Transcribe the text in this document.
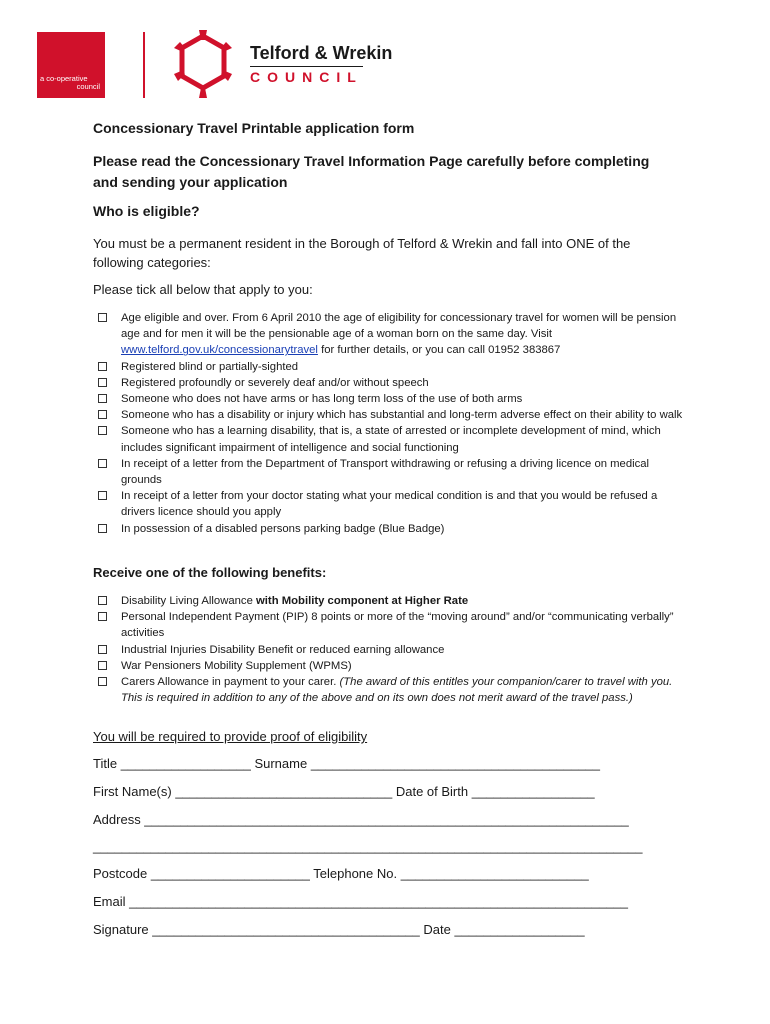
a co-operative
council
Telford & Wrekin
COUNCIL
Concessionary Travel Printable application form
Please read the Concessionary Travel Information Page carefully before completing and sending your application
Who is eligible?
You must be a permanent resident in the Borough of Telford & Wrekin and fall into ONE of the following categories:
Please tick all below that apply to you:
Age eligible and over. From 6 April 2010 the age of eligibility for concessionary travel for women will be pension age and for men it will be the pensionable age of a woman born on the same day. Visit www.telford.gov.uk/concessionarytravel for further details, or you can call 01952 383867
Registered blind or partially-sighted
Registered profoundly or severely deaf and/or without speech
Someone who does not have arms or has long term loss of the use of both arms
Someone who has a disability or injury which has substantial and long-term adverse effect on their ability to walk
Someone who has a learning disability, that is, a state of arrested or incomplete development of mind, which includes significant impairment of intelligence and social functioning
In receipt of a letter from the Department of Transport withdrawing or refusing a driving licence on medical grounds
In receipt of a letter from your doctor stating what your medical condition is and that you would be refused a drivers licence should you apply
In possession of a disabled persons parking badge (Blue Badge)
Receive one of the following benefits:
Disability Living Allowance with Mobility component at Higher Rate
Personal Independent Payment (PIP) 8 points or more of the “moving around” and/or “communicating verbally” activities
Industrial Injuries Disability Benefit or reduced earning allowance
War Pensioners Mobility Supplement (WPMS)
Carers Allowance in payment to your carer. (The award of this entitles your companion/carer to travel with you. This is required in addition to any of the above and on its own does not merit award of the travel pass.)
You will be required to provide proof of eligibility
Title __________________ Surname ________________________________________
First Name(s) ______________________________ Date of Birth _________________
Address ___________________________________________________________________
____________________________________________________________________________
Postcode ______________________ Telephone No. __________________________
Email _____________________________________________________________________
Signature _____________________________________ Date __________________
